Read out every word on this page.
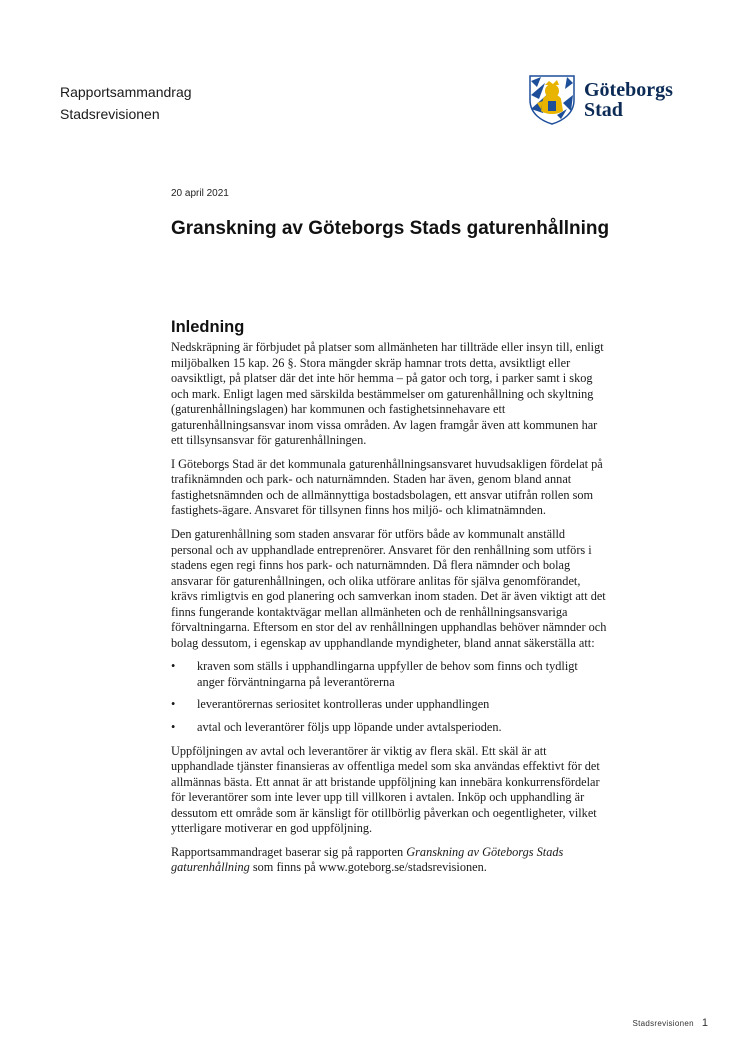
Rapportsammandrag
Stadsrevisionen
Göteborgs
Stad
20 april 2021
Granskning av Göteborgs Stads gaturenhållning
Inledning

Nedskräpning är förbjudet på platser som allmänheten har tillträde eller insyn till, enligt miljöbalken 15 kap. 26 §. Stora mängder skräp hamnar trots detta, avsiktligt eller oavsiktligt, på platser där det inte hör hemma – på gator och torg, i parker samt i skog och mark. Enligt lagen med särskilda bestämmelser om gaturenhållning och skyltning (gaturenhållningslagen) har kommunen och fastighetsinnehavare ett gaturenhållningsansvar inom vissa områden. Av lagen framgår även att kommunen har ett tillsynsansvar för gaturenhållningen.

I Göteborgs Stad är det kommunala gaturenhållningsansvaret huvudsakligen fördelat på trafiknämnden och park- och naturnämnden. Staden har även, genom bland annat fastighetsnämnden och de allmännyttiga bostadsbolagen, ett ansvar utifrån rollen som fastighets-ägare. Ansvaret för tillsynen finns hos miljö- och klimatnämnden.

Den gaturenhållning som staden ansvarar för utförs både av kommunalt anställd personal och av upphandlade entreprenörer. Ansvaret för den renhållning som utförs i stadens egen regi finns hos park- och naturnämnden. Då flera nämnder och bolag ansvarar för gaturenhållningen, och olika utförare anlitas för själva genomförandet, krävs rimligtvis en god planering och samverkan inom staden. Det är även viktigt att det finns fungerande kontaktvägar mellan allmänheten och de renhållningsansvariga förvaltningarna. Eftersom en stor del av renhållningen upphandlas behöver nämnder och bolag dessutom, i egenskap av upphandlande myndigheter, bland annat säkerställa att:

• kraven som ställs i upphandlingarna uppfyller de behov som finns och tydligt anger förväntningarna på leverantörerna
• leverantörernas seriositet kontrolleras under upphandlingen
• avtal och leverantörer följs upp löpande under avtalsperioden.

Uppföljningen av avtal och leverantörer är viktig av flera skäl. Ett skäl är att upphandlade tjänster finansieras av offentliga medel som ska användas effektivt för det allmännas bästa. Ett annat är att bristande uppföljning kan innebära konkurrensfördelar för leverantörer som inte lever upp till villkoren i avtalen. Inköp och upphandling är dessutom ett område som är känsligt för otillbörlig påverkan och oegentligheter, vilket ytterligare motiverar en god uppföljning.

Rapportsammandraget baserar sig på rapporten Granskning av Göteborgs Stads gaturenhållning som finns på www.goteborg.se/stadsrevisionen.

Stadsrevisionen 1
